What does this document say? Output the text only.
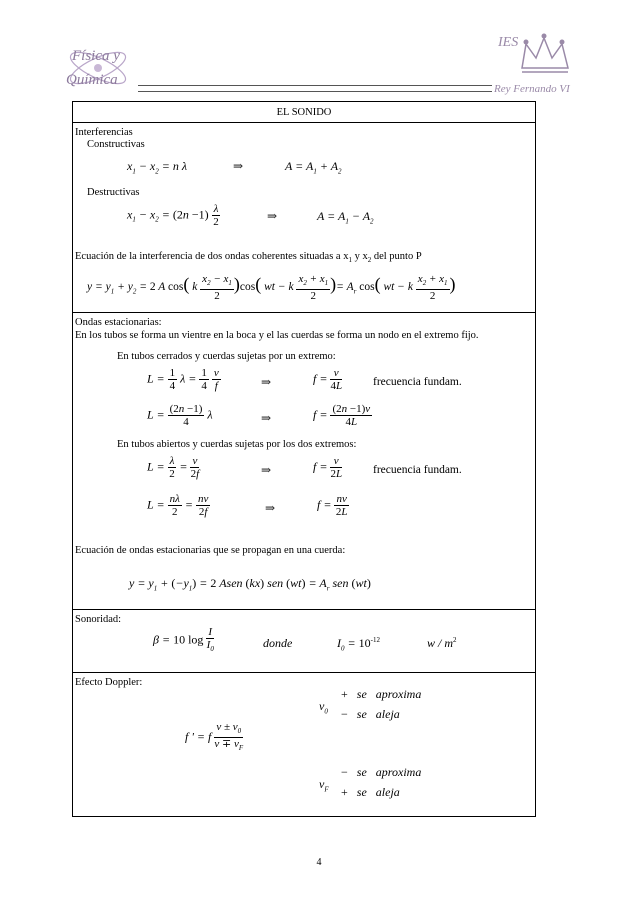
Física y
Química
IES
Rey Fernando VI
EL SONIDO
Interferencias
Constructivas
$x_1 - x_2 = n$ λ	⇒	$A = A_1 + A_2$
Destructivas
$x_1 - x_2 = (2n -1) \frac{\lambda}{2}$	⇒	$A = A_1 - A_2$
Ecuación de la interferencia de dos ondas coherentes situadas a $x_1$ y $x_2$ del punto P
$y = y_1 + y_2 = 2$ A cos( k $\frac{x_2 - x_1}{2} )\cos$( wt − k $\frac{x_2 + x_1}{2}$ )= $A_r$ cos( wt − k $\frac{x_2 + x_1}{2}$ )
Ondas estacionarias:
En los tubos se forma un vientre en la boca y el las cuerdas se forma un nodo en el extremo fijo.
En tubos cerrados y cuerdas sujetas por un extremo:
$L = \frac{1}{4}$ $\lambda = \frac{1}{4}$
$\frac{v}{f}$	⇒	$f = \frac{v}{4L}$	frecuencia fundam.
$L = \frac{(2n -1)}{4}$ λ	⇒	$f = \frac{(2n -1)v}{4L}$
En tubos abiertos y cuerdas sujetas por los dos extremos:
$L = \frac{\lambda}{2} = \frac{v}{2f}$	⇒	$f = \frac{v}{2L}$	frecuencia fundam.
$L = \frac{n\lambda}{2} = \frac{nv}{2f}$	⇒	$f = \frac{nv}{2L}$
Ecuación de ondas estacionarias que se propagan en una cuerda:
$y = y_1 + (-y_1) = 2$ Asen (kx) sen $(wt) = A_r$ sen (wt)
Sonoridad:
β = 10 $\log \frac{I}{I_0}$	donde	$I_0 = 10^{-12}$	w / $m^2$
Efecto Doppler:
$v_0$
+ se aproxima
− se aleja
f ' = f $\frac{v \pm v_0}{v \mp v_F}$
$v_F$
− se aproxima
+ se aleja
4
